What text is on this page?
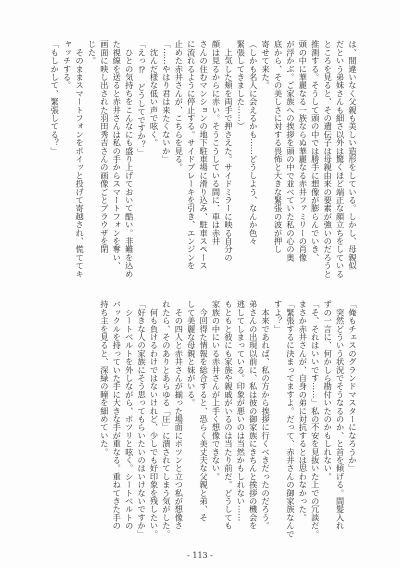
は、間違いなく父親も美しい造形をしている。しかし、母親似
だという弟妹さんも細さ以外は驚くほど端正な顔立ちをしている
ところを見ると、その遺伝子は母親由来の要素が強いのだろうと
推測する。そうして頭の中では勝手に想像が膨らんでいき、
頭の中に華麗なる一族ならぬ華麗なる赤井ファミリーの肖像
が浮かぶ。ご家族への挨拶を頭の中で並べていた私の心の奥
底から、その美しさに対する畏怖と大きな緊張の波が押し
寄せて来た。
（しかも名人に会えるかも……どうしよう、なんか色々
緊張してきました……）
　上気した頬を両手で押さえた。サイドミラーに映る自分の
顔は見るからに赤い。そうこうしている間に、車は赤井
さんの住むマンションの地下駐車場に滑り込み、駐車スペース
に流れるように停止する。サイドブレーキを引き、エンジンを
止めた赤井さんが、こちらを見る。
「……やはり君は来たくないか」
　沈んだ様な低い声で呟く。
「えっ⁉　どうしてですか？」
　ひとの気持ちをこんなにも盛り上げておいて酷い。非難を込め
た視線を送ると赤井さんは私の手からスマートフォンを奪い、
画面に映し出された羽田秀吉さんの画像ごとブラウザを閉
じた。
　そのままスマートフォンをポイッと投げて寄越され、慌ててキ
ャッチする。
「もしかして、緊張してる？」
「俺もチェスのグランドマスターになろうか」
　突然どういう状況でそうなるのか、と首を傾げる。間髪入れ
ずの一言に、何かしら勘付いたのかもしれない。
「そ、それはいいです……」私の不安を見抜いた上での冗談だ。
まさか赤井さんが、自身の弟に対抗するとは思わなかった。
「緊張するに決まってますよ。だって、赤井さんの御家族なんで
すよ？」
　本来であれば、私の方から挨拶に行くべきだったのだろう。
弟さんの出現以前に、私は彼の御家族にきちんと挨拶の機会を
逃してしまっている。印象が悪いのは当然かもしれない……
もともと彼にも家族や親戚がいるのは当たり前だ。どうしても
家族の中にいる赤井さんが上手く想像できない。
　今回得た情報を総合すると、恐らく美丈夫な父親と弟、そ
して美麗な母親と妹がいる。
　その四人と赤井さんが揃った場面にポツンと立つ私が想像さ
れたら、そのありとあらゆる「圧」に潰されてしまう気がした。
　何も負けるわけではないけれど、少しでも好印象を残したい。
「好きな人の家族にそう思ってもらいたいのはいけないですか」
　シートベルトを外しながら、ポツリと呟く。シートベルトの
バックルを持っていた手に大きな手が重なる。重ねてきた手の
持ち主を見ると、深緑の瞳を細めていた。
- 113 -
